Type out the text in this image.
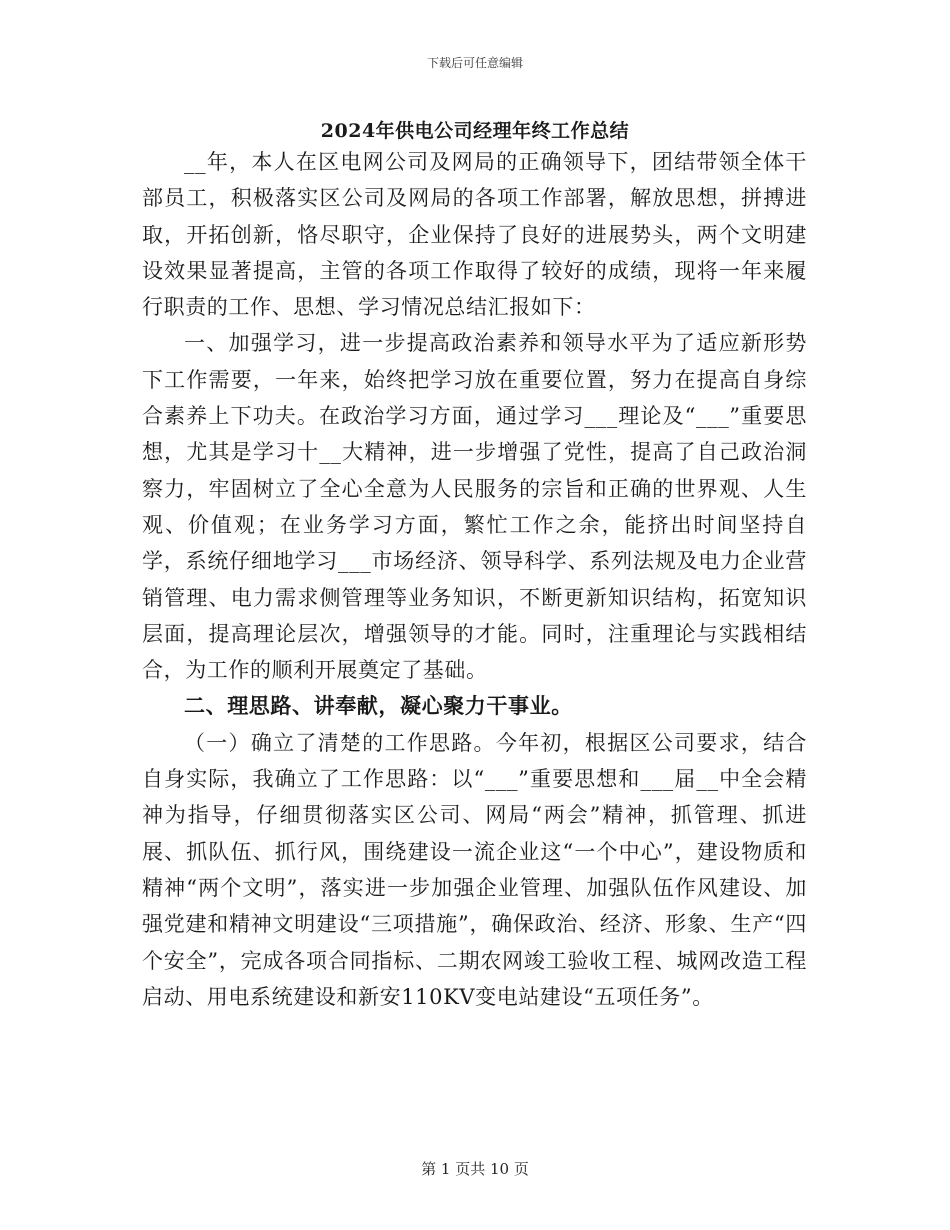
下载后可任意编辑
2024年供电公司经理年终工作总结

__年，本人在区电网公司及网局的正确领导下，团结带领全体干部员工，积极落实区公司及网局的各项工作部署，解放思想，拼搏进取，开拓创新，恪尽职守，企业保持了良好的进展势头，两个文明建设效果显著提高，主管的各项工作取得了较好的成绩，现将一年来履行职责的工作、思想、学习情况总结汇报如下：

一、加强学习，进一步提高政治素养和领导水平为了适应新形势下工作需要，一年来，始终把学习放在重要位置，努力在提高自身综合素养上下功夫。在政治学习方面，通过学习___理论及“___”重要思想，尤其是学习十__大精神，进一步增强了党性，提高了自己政治洞察力，牢固树立了全心全意为人民服务的宗旨和正确的世界观、人生观、价值观；在业务学习方面，繁忙工作之余，能挤出时间坚持自学，系统仔细地学习___市场经济、领导科学、系列法规及电力企业营销管理、电力需求侧管理等业务知识，不断更新知识结构，拓宽知识层面，提高理论层次，增强领导的才能。同时，注重理论与实践相结合，为工作的顺利开展奠定了基础。

二、理思路、讲奉献，凝心聚力干事业。

（一）确立了清楚的工作思路。今年初，根据区公司要求，结合自身实际，我确立了工作思路：以“___”重要思想和___届__中全会精神为指导，仔细贯彻落实区公司、网局“两会”精神，抓管理、抓进展、抓队伍、抓行风，围绕建设一流企业这“一个中心”，建设物质和精神“两个文明”，落实进一步加强企业管理、加强队伍作风建设、加强党建和精神文明建设“三项措施”，确保政治、经济、形象、生产“四个安全”，完成各项合同指标、二期农网竣工验收工程、城网改造工程启动、用电系统建设和新安110KV变电站建设“五项任务”。

第 1 页共 10 页
